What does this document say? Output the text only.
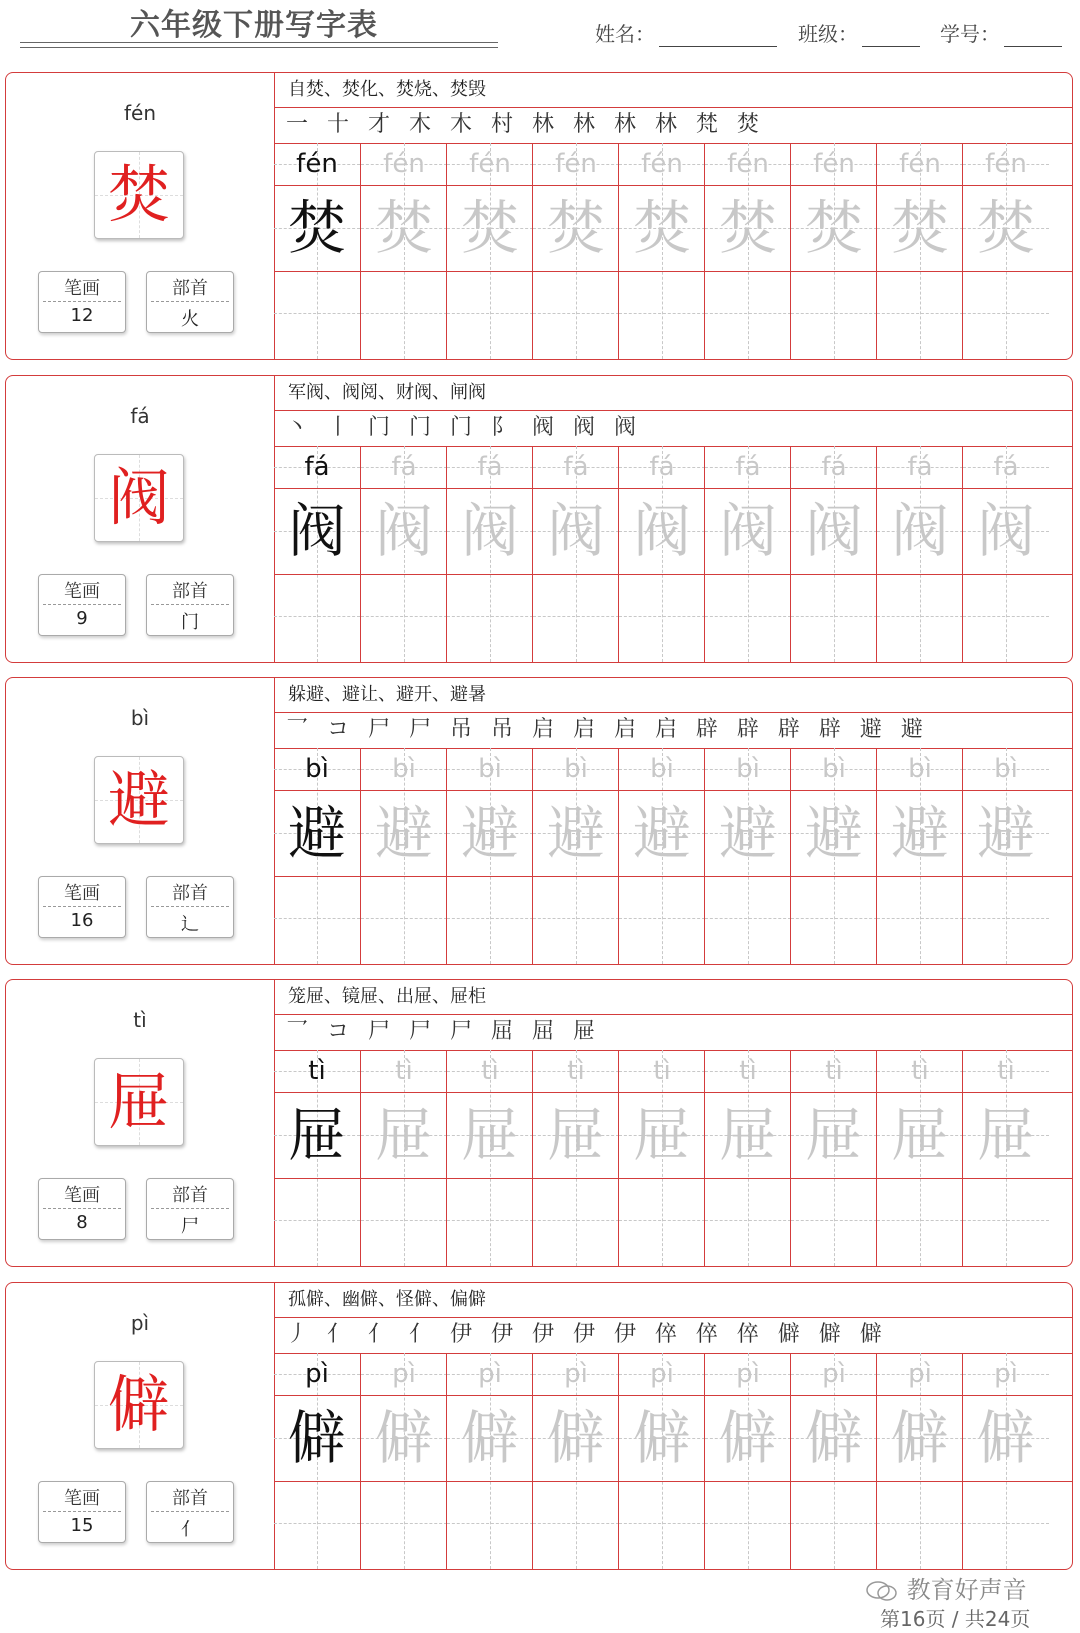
六年级下册写字表	姓名：	班级：	学号：
fén
焚
笔画
12
部首
火
自焚、焚化、焚烧、焚毁
一 十 才 木 木 村 林 林 林 林 梵 焚
fén
焚
fén
焚
fén
焚
fén
焚
fén
焚
fén
焚
fén
焚
fén
焚
fén
焚
fá
阀
笔画
9
部首
门
军阀、阀阅、财阀、闸阀
丶 丨 门 门 门 阝 阀 阀 阀
fá
阀
fá
阀
fá
阀
fá
阀
fá
阀
fá
阀
fá
阀
fá
阀
fá
阀
bì
避
笔画
16
部首
辶
躲避、避让、避开、避暑
乛 コ 尸 尸 吊 吊 启 启 启 启 辟 辟 辟 辟 避 避
bì
避
bì
避
bì
避
bì
避
bì
避
bì
避
bì
避
bì
避
bì
避
tì
屉
笔画
8
部首
尸
笼屉、镜屉、出屉、屉柜
乛 コ 尸 尸 尸 屈 屈 屉
tì
屉
tì
屉
tì
屉
tì
屉
tì
屉
tì
屉
tì
屉
tì
屉
tì
屉
pì
僻
笔画
15
部首
亻
孤僻、幽僻、怪僻、偏僻
丿 亻 亻 亻 伊 伊 伊 伊 伊 倅 倅 倅 僻 僻 僻
pì
僻
pì
僻
pì
僻
pì
僻
pì
僻
pì
僻
pì
僻
pì
僻
pì
僻
教育好声音
第16页 / 共24页
